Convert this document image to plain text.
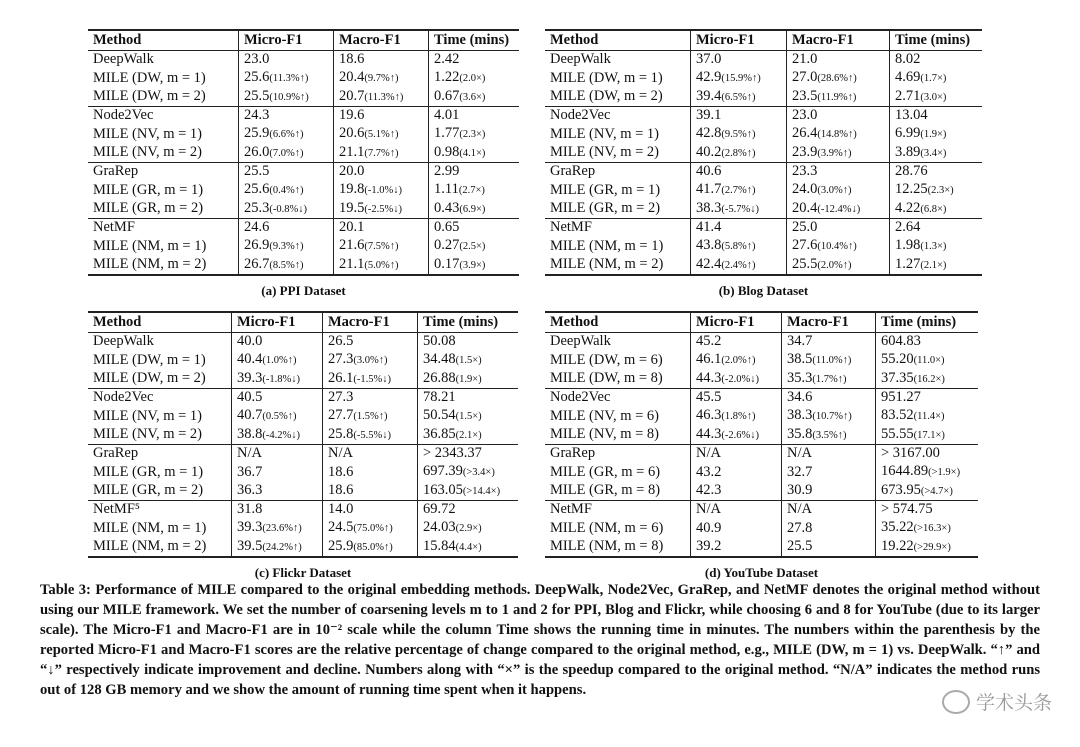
Method	Micro-F1	Macro-F1	Time (mins)
DeepWalk	23.0	18.6	2.42
MILE (DW, m = 1)	25.6(11.3%↑)	20.4(9.7%↑)	1.22(2.0×)
MILE (DW, m = 2)	25.5(10.9%↑)	20.7(11.3%↑)	0.67(3.6×)
Node2Vec	24.3	19.6	4.01
MILE (NV, m = 1)	25.9(6.6%↑)	20.6(5.1%↑)	1.77(2.3×)
MILE (NV, m = 2)	26.0(7.0%↑)	21.1(7.7%↑)	0.98(4.1×)
GraRep	25.5	20.0	2.99
MILE (GR, m = 1)	25.6(0.4%↑)	19.8(-1.0%↓)	1.11(2.7×)
MILE (GR, m = 2)	25.3(-0.8%↓)	19.5(-2.5%↓)	0.43(6.9×)
NetMF	24.6	20.1	0.65
MILE (NM, m = 1)	26.9(9.3%↑)	21.6(7.5%↑)	0.27(2.5×)
MILE (NM, m = 2)	26.7(8.5%↑)	21.1(5.0%↑)	0.17(3.9×)
(a) PPI Dataset
Method	Micro-F1	Macro-F1	Time (mins)
DeepWalk	37.0	21.0	8.02
MILE (DW, m = 1)	42.9(15.9%↑)	27.0(28.6%↑)	4.69(1.7×)
MILE (DW, m = 2)	39.4(6.5%↑)	23.5(11.9%↑)	2.71(3.0×)
Node2Vec	39.1	23.0	13.04
MILE (NV, m = 1)	42.8(9.5%↑)	26.4(14.8%↑)	6.99(1.9×)
MILE (NV, m = 2)	40.2(2.8%↑)	23.9(3.9%↑)	3.89(3.4×)
GraRep	40.6	23.3	28.76
MILE (GR, m = 1)	41.7(2.7%↑)	24.0(3.0%↑)	12.25(2.3×)
MILE (GR, m = 2)	38.3(-5.7%↓)	20.4(-12.4%↓)	4.22(6.8×)
NetMF	41.4	25.0	2.64
MILE (NM, m = 1)	43.8(5.8%↑)	27.6(10.4%↑)	1.98(1.3×)
MILE (NM, m = 2)	42.4(2.4%↑)	25.5(2.0%↑)	1.27(2.1×)
(b) Blog Dataset
Method	Micro-F1	Macro-F1	Time (mins)
DeepWalk	40.0	26.5	50.08
MILE (DW, m = 1)	40.4(1.0%↑)	27.3(3.0%↑)	34.48(1.5×)
MILE (DW, m = 2)	39.3(-1.8%↓)	26.1(-1.5%↓)	26.88(1.9×)
Node2Vec	40.5	27.3	78.21
MILE (NV, m = 1)	40.7(0.5%↑)	27.7(1.5%↑)	50.54(1.5×)
MILE (NV, m = 2)	38.8(-4.2%↓)	25.8(-5.5%↓)	36.85(2.1×)
GraRep	N/A	N/A	> 2343.37
MILE (GR, m = 1)	36.7	18.6	697.39(>3.4×)
MILE (GR, m = 2)	36.3	18.6	163.05(>14.4×)
NetMF⁵	31.8	14.0	69.72
MILE (NM, m = 1)	39.3(23.6%↑)	24.5(75.0%↑)	24.03(2.9×)
MILE (NM, m = 2)	39.5(24.2%↑)	25.9(85.0%↑)	15.84(4.4×)
(c) Flickr Dataset
Method	Micro-F1	Macro-F1	Time (mins)
DeepWalk	45.2	34.7	604.83
MILE (DW, m = 6)	46.1(2.0%↑)	38.5(11.0%↑)	55.20(11.0×)
MILE (DW, m = 8)	44.3(-2.0%↓)	35.3(1.7%↑)	37.35(16.2×)
Node2Vec	45.5	34.6	951.27
MILE (NV, m = 6)	46.3(1.8%↑)	38.3(10.7%↑)	83.52(11.4×)
MILE (NV, m = 8)	44.3(-2.6%↓)	35.8(3.5%↑)	55.55(17.1×)
GraRep	N/A	N/A	> 3167.00
MILE (GR, m = 6)	43.2	32.7	1644.89(>1.9×)
MILE (GR, m = 8)	42.3	30.9	673.95(>4.7×)
NetMF	N/A	N/A	> 574.75
MILE (NM, m = 6)	40.9	27.8	35.22(>16.3×)
MILE (NM, m = 8)	39.2	25.5	19.22(>29.9×)
(d) YouTube Dataset
Table 3: Performance of MILE compared to the original embedding methods. DeepWalk, Node2Vec, GraRep, and NetMF denotes the original method without using our MILE framework. We set the number of coarsening levels m to 1 and 2 for PPI, Blog and Flickr, while choosing 6 and 8 for YouTube (due to its larger scale). The Micro-F1 and Macro-F1 are in 10⁻² scale while the column Time shows the running time in minutes. The numbers within the parenthesis by the reported Micro-F1 and Macro-F1 scores are the relative percentage of change compared to the original method, e.g., MILE (DW, m = 1) vs. DeepWalk. “↑” and “↓” respectively indicate improvement and decline. Numbers along with “×” is the speedup compared to the original method. “N/A” indicates the method runs out of 128 GB memory and we show the amount of running time spent when it happens.
学术头条
